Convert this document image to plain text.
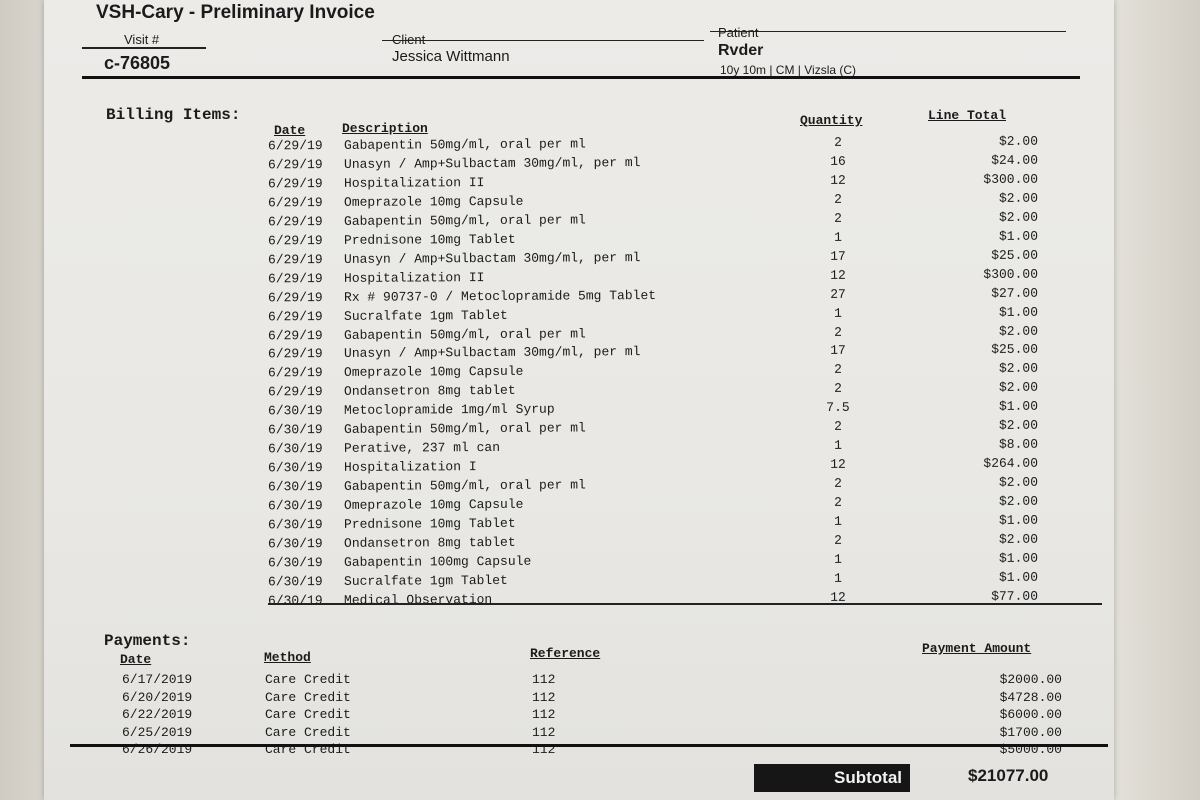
VSH-Cary - Preliminary Invoice
Visit #
c-76805
Client
Jessica Wittmann
Patient
Rvder
10y 10m | CM | Vizsla (C)
Billing Items:
Date	Description
Quantity	Line Total
6/29/19 Gabapentin 50mg/ml, oral per ml	2	$2.00
6/29/19 Unasyn / Amp+Sulbactam 30mg/ml, per ml	16	$24.00
6/29/19 Hospitalization II	12	$300.00
6/29/19 Omeprazole 10mg Capsule	2	$2.00
6/29/19 Gabapentin 50mg/ml, oral per ml	2	$2.00
6/29/19 Prednisone 10mg Tablet	1	$1.00
6/29/19 Unasyn / Amp+Sulbactam 30mg/ml, per ml	17	$25.00
6/29/19 Hospitalization II	12	$300.00
6/29/19 Rx # 90737-0 / Metoclopramide 5mg Tablet	27	$27.00
6/29/19 Sucralfate 1gm Tablet	1	$1.00
6/29/19 Gabapentin 50mg/ml, oral per ml	2	$2.00
6/29/19 Unasyn / Amp+Sulbactam 30mg/ml, per ml	17	$25.00
6/29/19 Omeprazole 10mg Capsule	2	$2.00
6/29/19 Ondansetron 8mg tablet	2	$2.00
6/30/19 Metoclopramide 1mg/ml Syrup	7.5	$1.00
6/30/19 Gabapentin 50mg/ml, oral per ml	2	$2.00
6/30/19 Perative, 237 ml can	1	$8.00
6/30/19 Hospitalization I	12	$264.00
6/30/19 Gabapentin 50mg/ml, oral per ml	2	$2.00
6/30/19 Omeprazole 10mg Capsule	2	$2.00
6/30/19 Prednisone 10mg Tablet	1	$1.00
6/30/19 Ondansetron 8mg tablet	2	$2.00
6/30/19 Gabapentin 100mg Capsule	1	$1.00
6/30/19 Sucralfate 1gm Tablet	1	$1.00
6/30/19 Medical Observation	12	$77.00
Payments:
Date	Method	Reference	Payment Amount
6/17/2019	Care Credit	112	$2000.00
6/20/2019	Care Credit	112	$4728.00
6/22/2019	Care Credit	112	$6000.00
6/25/2019	Care Credit	112	$1700.00
6/26/2019	Care Credit	112	$5000.00
Subtotal	$21077.00
